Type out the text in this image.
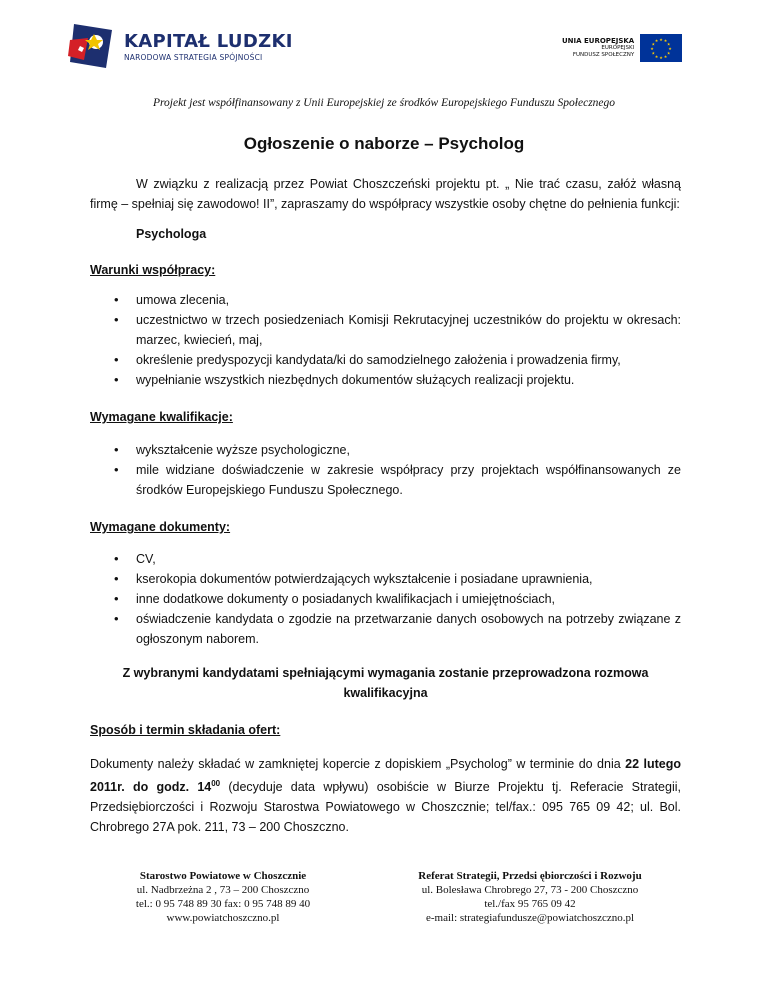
KAPITAŁ LUDZKI
NARODOWA STRATEGIA SPÓJNOŚCI
UNIA EUROPEJSKA
EUROPEJSKI
FUNDUSZ SPOŁECZNY
★ ★
★
★
★
★
★
★
★
★
★
★
Projekt jest współfinansowany z Unii Europejskiej ze środków Europejskiego Funduszu Społecznego
Ogłoszenie o naborze – Psycholog

W związku z realizacją przez Powiat Choszczeński projektu pt. „ Nie trać czasu, załóż własną firmę – spełniaj się zawodowo! II”, zapraszamy do współpracy wszystkie osoby chętne do pełnienia funkcji:

Psychologa

Warunki współpracy:

• umowa zlecenia,
• uczestnictwo w trzech posiedzeniach Komisji Rekrutacyjnej uczestników do projektu w okresach: marzec, kwiecień, maj,
• określenie predyspozycji kandydata/ki do samodzielnego założenia i prowadzenia firmy,
• wypełnianie wszystkich niezbędnych dokumentów służących realizacji projektu.

Wymagane kwalifikacje:

• wykształcenie wyższe psychologiczne,
• mile widziane doświadczenie w zakresie współpracy przy projektach współfinansowanych ze środków Europejskiego Funduszu Społecznego.

Wymagane dokumenty:

• CV,
• kserokopia dokumentów potwierdzających wykształcenie i posiadane uprawnienia,
• inne dodatkowe dokumenty o posiadanych kwalifikacjach i umiejętnościach,
• oświadczenie kandydata o zgodzie na przetwarzanie danych osobowych na potrzeby związane z ogłoszonym naborem.

Z wybranymi kandydatami spełniającymi wymagania zostanie przeprowadzona rozmowa kwalifikacyjna

Sposób i termin składania ofert:

Dokumenty należy składać w zamkniętej kopercie z dopiskiem „Psycholog” w terminie do dnia 22 lutego 2011r. do godz. $14^{00}$ (decyduje data wpływu) osobiście w Biurze Projektu tj. Referacie Strategii, Przedsiębiorczości i Rozwoju Starostwa Powiatowego w Choszcznie; tel/fax.: 095 765 09 42; ul. Bol. Chrobrego 27A pok. 211, 73 – 200 Choszczno.

Starostwo Powiatowe w Choszcznie
ul. Nadbrzeżna 2 , 73 – 200 Choszczno
tel.: 0 95 748 89 30 fax: 0 95 748 89 40
www.powiatchoszczno.pl
Referat Strategii, Przedsi ębiorczości i Rozwoju
ul. Bolesława Chrobrego 27, 73 - 200 Choszczno
tel./fax 95 765 09 42
e-mail: strategiafundusze@powiatchoszczno.pl
